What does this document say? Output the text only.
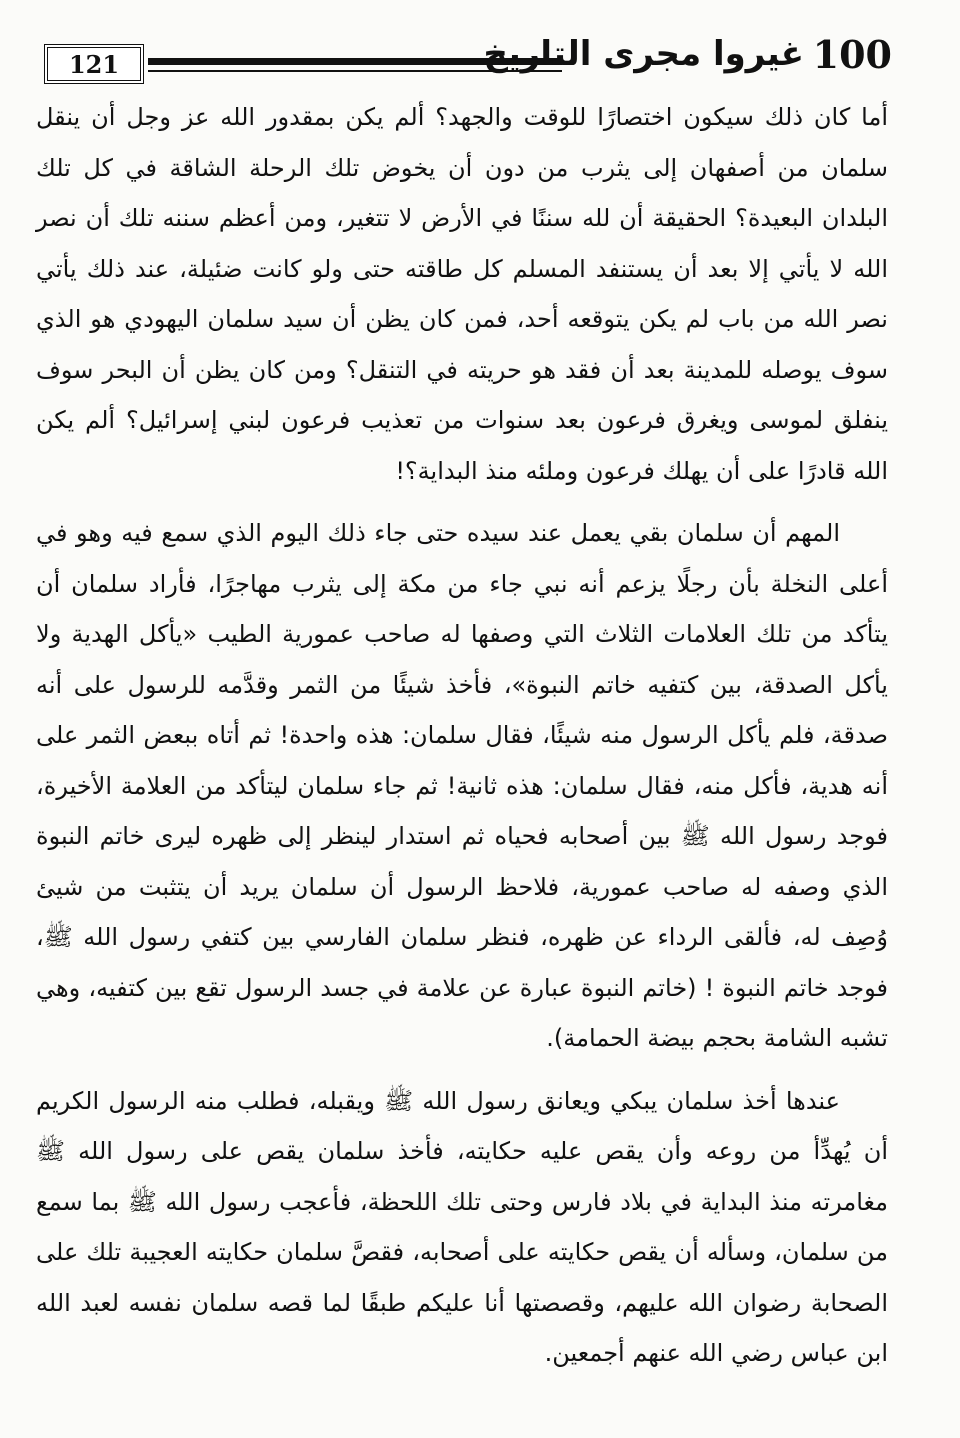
121	غيروا مجرى التاريخ 100

أما كان ذلك سيكون اختصارًا للوقت والجهد؟ ألم يكن بمقدور الله عز وجل أن ينقل سلمان من أصفهان إلى يثرب من دون أن يخوض تلك الرحلة الشاقة في كل تلك البلدان البعيدة؟ الحقيقة أن لله سننًا في الأرض لا تتغير، ومن أعظم سننه تلك أن نصر الله لا يأتي إلا بعد أن يستنفد المسلم كل طاقته حتى ولو كانت ضئيلة، عند ذلك يأتي نصر الله من باب لم يكن يتوقعه أحد، فمن كان يظن أن سيد سلمان اليهودي هو الذي سوف يوصله للمدينة بعد أن فقد هو حريته في التنقل؟ ومن كان يظن أن البحر سوف ينفلق لموسى ويغرق فرعون بعد سنوات من تعذيب فرعون لبني إسرائيل؟ ألم يكن الله قادرًا على أن يهلك فرعون وملئه منذ البداية؟!

المهم أن سلمان بقي يعمل عند سيده حتى جاء ذلك اليوم الذي سمع فيه وهو في أعلى النخلة بأن رجلًا يزعم أنه نبي جاء من مكة إلى يثرب مهاجرًا، فأراد سلمان أن يتأكد من تلك العلامات الثلاث التي وصفها له صاحب عمورية الطيب «يأكل الهدية ولا يأكل الصدقة، بين كتفيه خاتم النبوة»، فأخذ شيئًا من الثمر وقدَّمه للرسول على أنه صدقة، فلم يأكل الرسول منه شيئًا، فقال سلمان: هذه واحدة! ثم أتاه ببعض الثمر على أنه هدية، فأكل منه، فقال سلمان: هذه ثانية! ثم جاء سلمان ليتأكد من العلامة الأخيرة، فوجد رسول الله ﷺ بين أصحابه فحياه ثم استدار لينظر إلى ظهره ليرى خاتم النبوة الذي وصفه له صاحب عمورية، فلاحظ الرسول أن سلمان يريد أن يتثبت من شيئ وُصِف له، فألقى الرداء عن ظهره، فنظر سلمان الفارسي بين كتفي رسول الله ﷺ، فوجد خاتم النبوة ! (خاتم النبوة عبارة عن علامة في جسد الرسول تقع بين كتفيه، وهي تشبه الشامة بحجم بيضة الحمامة).

عندها أخذ سلمان يبكي ويعانق رسول الله ﷺ ويقبله، فطلب منه الرسول الكريم أن يُهدِّأ من روعه وأن يقص عليه حكايته، فأخذ سلمان يقص على رسول الله ﷺ مغامرته منذ البداية في بلاد فارس وحتى تلك اللحظة، فأعجب رسول الله ﷺ بما سمع من سلمان، وسأله أن يقص حكايته على أصحابه، فقصَّ سلمان حكايته العجيبة تلك على الصحابة رضوان الله عليهم، وقصصتها أنا عليكم طبقًا لما قصه سلمان نفسه لعبد الله ابن عباس رضي الله عنهم أجمعين.
